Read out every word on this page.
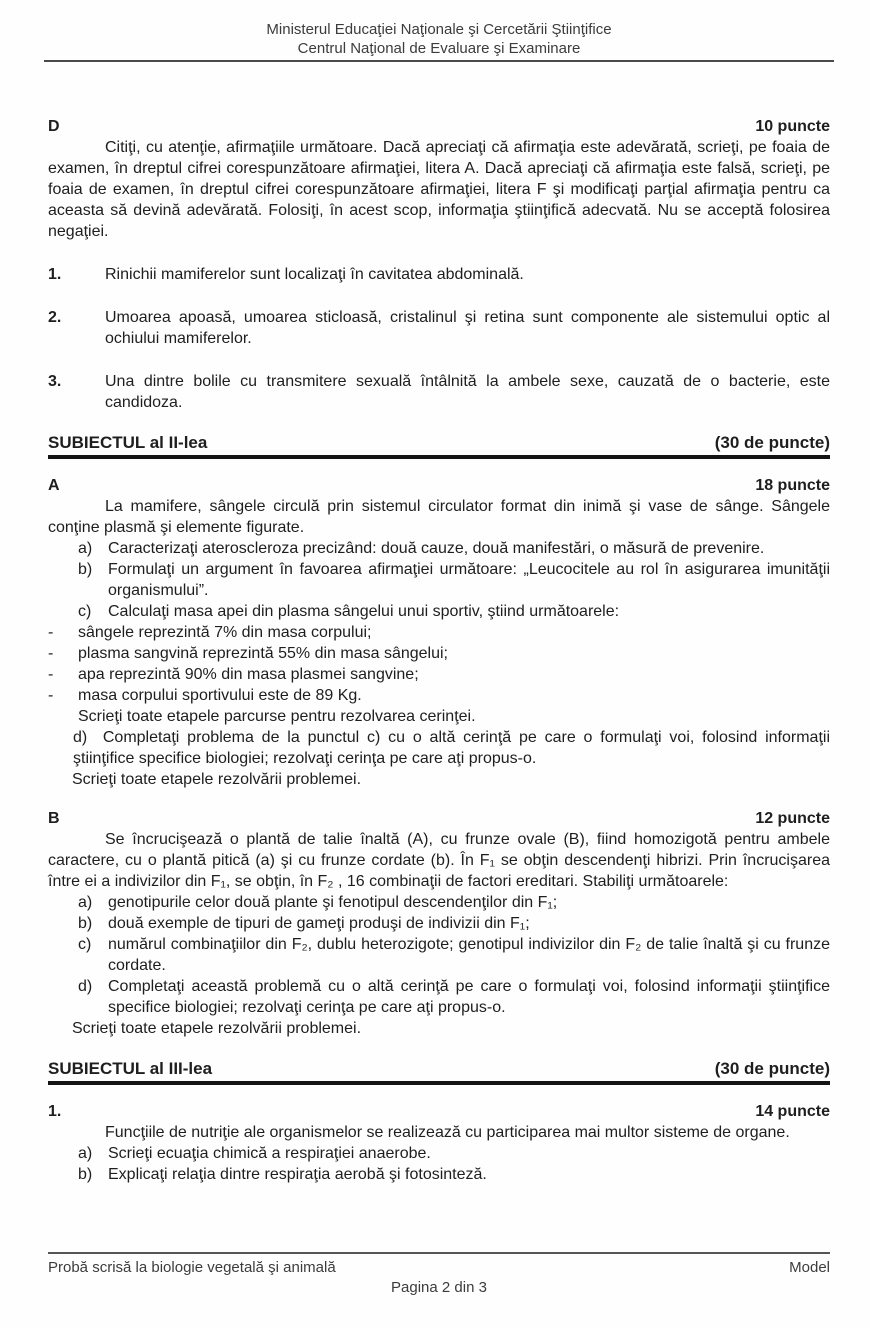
Ministerul Educaţiei Naţionale şi Cercetării Ştiinţifice
Centrul Naţional de Evaluare şi Examinare
D	10 puncte

Citiţi, cu atenţie, afirmaţiile următoare. Dacă apreciaţi că afirmaţia este adevărată, scrieţi, pe foaia de examen, în dreptul cifrei corespunzătoare afirmaţiei, litera A. Dacă apreciaţi că afirmaţia este falsă, scrieţi, pe foaia de examen, în dreptul cifrei corespunzătoare afirmaţiei, litera F şi modificaţi parţial afirmaţia pentru ca aceasta să devină adevărată. Folosiţi, în acest scop, informaţia ştiinţifică adecvată. Nu se acceptă folosirea negaţiei.

1.	Rinichii mamiferelor sunt localizaţi în cavitatea abdominală.
2.	Umoarea apoasă, umoarea sticloasă, cristalinul şi retina sunt componente ale sistemului optic al ochiului mamiferelor.
3.	Una dintre bolile cu transmitere sexuală întâlnită la ambele sexe, cauzată de o bacterie, este candidoza.
SUBIECTUL al II-lea	(30 de puncte)
A	18 puncte

La mamifere, sângele circulă prin sistemul circulator format din inimă şi vase de sânge. Sângele conţine plasmă şi elemente figurate.

a) Caracterizaţi ateroscleroza precizând: două cauze, două manifestări, o măsură de prevenire.
b) Formulaţi un argument în favoarea afirmaţiei următoare: „Leucocitele au rol în asigurarea imunităţii organismului”.
c) Calculaţi masa apei din plasma sângelui unui sportiv, ştiind următoarele:
- sângele reprezintă 7% din masa corpului;
- plasma sangvină reprezintă 55% din masa sângelui;
- apa reprezintă 90% din masa plasmei sangvine;
- masa corpului sportivului este de 89 Kg.
Scrieţi toate etapele parcurse pentru rezolvarea cerinţei.
d) Completaţi problema de la punctul c) cu o altă cerinţă pe care o formulaţi voi, folosind informaţii ştiinţifice specifice biologiei; rezolvaţi cerinţa pe care aţi propus-o.
Scrieţi toate etapele rezolvării problemei.
B	12 puncte

Se încrucişează o plantă de talie înaltă (A), cu frunze ovale (B), fiind homozigotă pentru ambele caractere, cu o plantă pitică (a) şi cu frunze cordate (b). În F₁ se obţin descendenţi hibrizi. Prin încrucişarea între ei a indivizilor din F₁, se obţin, în F₂ , 16 combinaţii de factori ereditari. Stabiliţi următoarele:

a) genotipurile celor două plante şi fenotipul descendenţilor din F₁;
b) două exemple de tipuri de gameţi produşi de indivizii din F₁;
c) numărul combinaţiilor din F₂, dublu heterozigote; genotipul indivizilor din F₂ de talie înaltă şi cu frunze cordate.
d) Completaţi această problemă cu o altă cerinţă pe care o formulaţi voi, folosind informaţii ştiinţifice specifice biologiei; rezolvaţi cerinţa pe care aţi propus-o.
Scrieţi toate etapele rezolvării problemei.
SUBIECTUL al III-lea	(30 de puncte)
1.	14 puncte

Funcţiile de nutriţie ale organismelor se realizează cu participarea mai multor sisteme de organe.

a) Scrieţi ecuaţia chimică a respiraţiei anaerobe.
b) Explicaţi relaţia dintre respiraţia aerobă şi fotosinteză.
Probă scrisă la biologie vegetală şi animală	Model
Pagina 2 din 3
